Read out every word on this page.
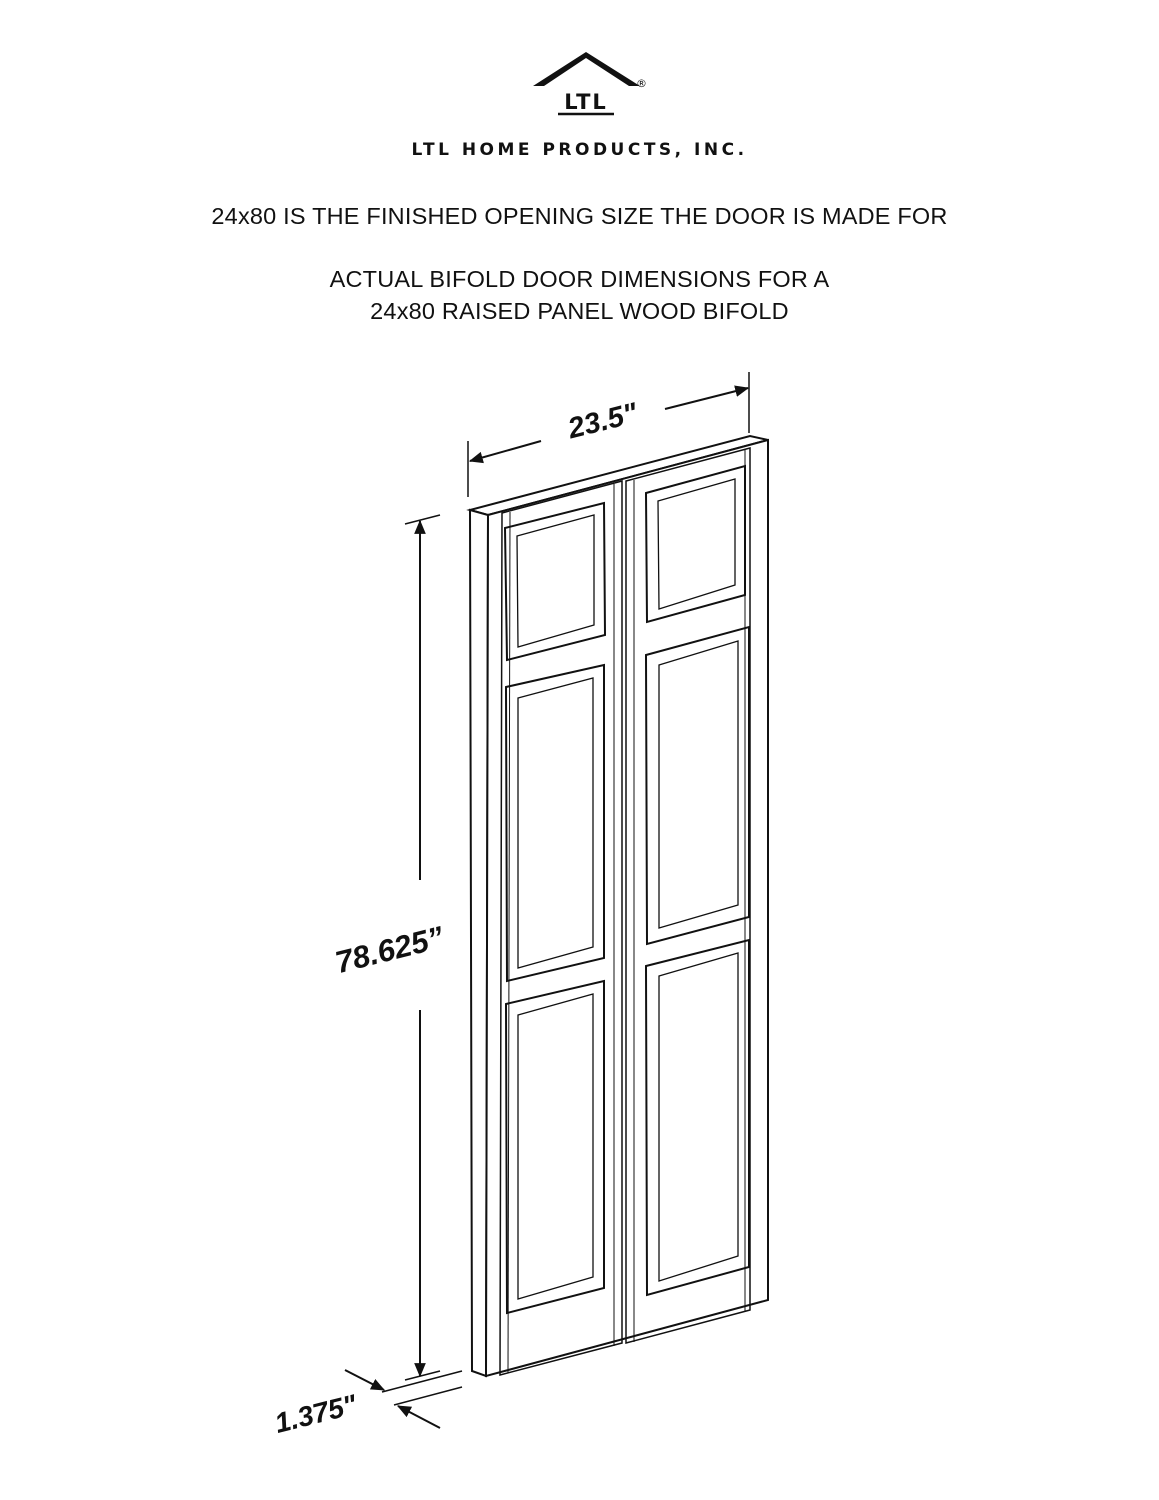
®
LTL
LTL HOME PRODUCTS, INC.
24x80 IS THE FINISHED OPENING SIZE THE DOOR IS MADE FOR
ACTUAL BIFOLD DOOR DIMENSIONS FOR A
24x80 RAISED PANEL WOOD BIFOLD
23.5"
78.625”
1.375"
